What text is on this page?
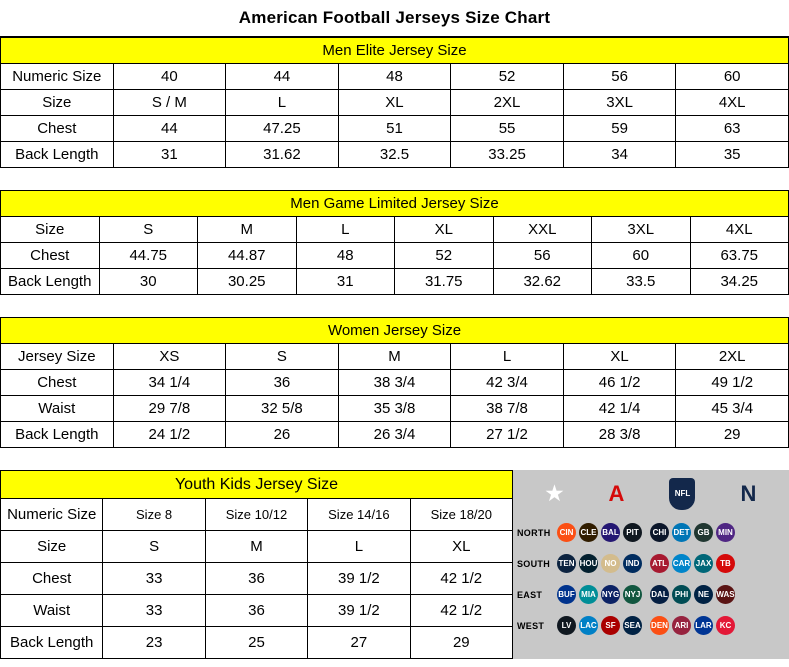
American Football Jerseys Size Chart
Men Elite Jersey Size						
Numeric Size	40	44	48	52	56	60
Size	S / M	L	XL	2XL	3XL	4XL
Chest	44	47.25	51	55	59	63
Back Length	31	31.62	32.5	33.25	34	35
Men Game Limited Jersey Size							
Size	S	M	L	XL	XXL	3XL	4XL
Chest	44.75	44.87	48	52	56	60	63.75
Back Length	30	30.25	31	31.75	32.62	33.5	34.25
Women Jersey Size						
Jersey Size	XS	S	M	L	XL	2XL
Chest	34 1/4	36	38 3/4	42 3/4	46 1/2	49 1/2
Waist	29 7/8	32 5/8	35 3/8	38 7/8	42 1/4	45 3/4
Back Length	24 1/2	26	26 3/4	27 1/2	28 3/8	29
Youth Kids Jersey Size				
Numeric Size	Size 8	Size 10/12	Size 14/16	Size 18/20
Size	S	M	L	XL
Chest	33	36	39 1/2	42 1/2
Waist	33	36	39 1/2	42 1/2
Back Length	23	25	27	29
★ A	NFL N
NORTH	CIN CLE BAL PIT	CHI DET	GB	MIN
SOUTH	TEN HOU NO	IND	ATL CAR JAX	TB
EAST	BUF MIA NYG NYJ DAL PHI	NE WAS
WEST	LV	LAC	SF	SEA DEN ARI LAR	KC
